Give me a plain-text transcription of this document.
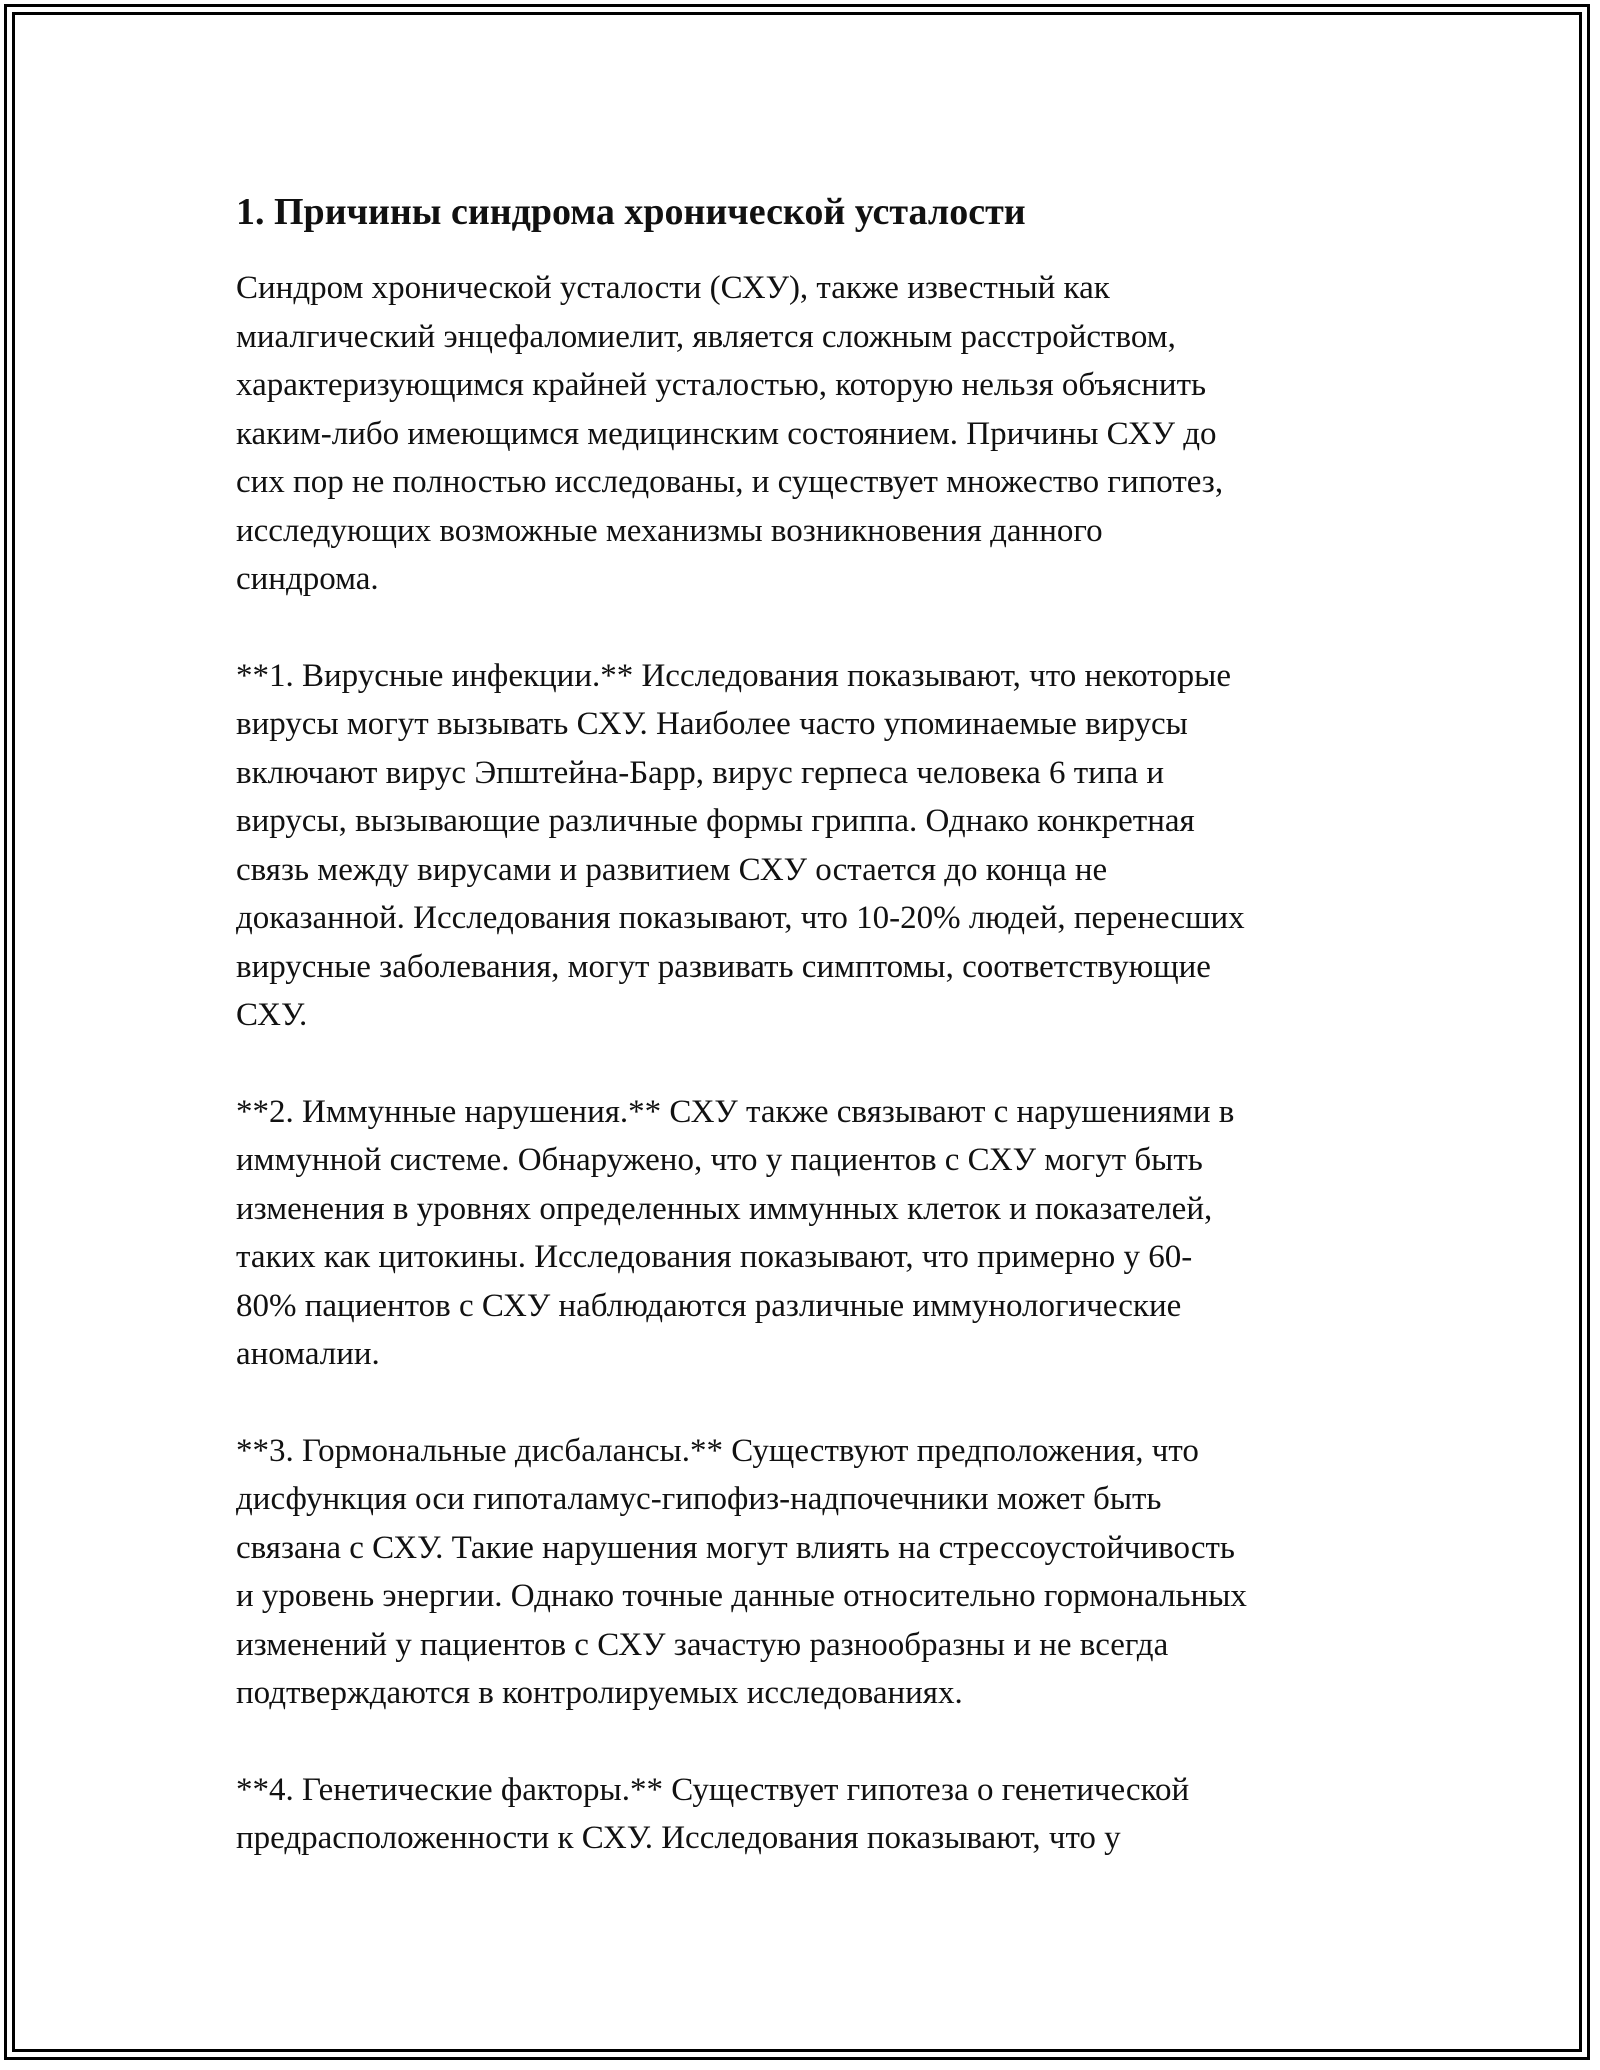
1. Причины синдрома хронической усталости

Синдром хронической усталости (СХУ), также известный как
миалгический энцефаломиелит, является сложным расстройством,
характеризующимся крайней усталостью, которую нельзя объяснить
каким-либо имеющимся медицинским состоянием. Причины СХУ до
сих пор не полностью исследованы, и существует множество гипотез,
исследующих возможные механизмы возникновения данного
синдрома.

**1. Вирусные инфекции.** Исследования показывают, что некоторые
вирусы могут вызывать СХУ. Наиболее часто упоминаемые вирусы
включают вирус Эпштейна-Барр, вирус герпеса человека 6 типа и
вирусы, вызывающие различные формы гриппа. Однако конкретная
связь между вирусами и развитием СХУ остается до конца не
доказанной. Исследования показывают, что 10-20% людей, перенесших
вирусные заболевания, могут развивать симптомы, соответствующие
СХУ.

**2. Иммунные нарушения.** СХУ также связывают с нарушениями в
иммунной системе. Обнаружено, что у пациентов с СХУ могут быть
изменения в уровнях определенных иммунных клеток и показателей,
таких как цитокины. Исследования показывают, что примерно у 60-
80% пациентов с СХУ наблюдаются различные иммунологические
аномалии.

**3. Гормональные дисбалансы.** Существуют предположения, что
дисфункция оси гипоталамус-гипофиз-надпочечники может быть
связана с СХУ. Такие нарушения могут влиять на стрессоустойчивость
и уровень энергии. Однако точные данные относительно гормональных
изменений у пациентов с СХУ зачастую разнообразны и не всегда
подтверждаются в контролируемых исследованиях.

**4. Генетические факторы.** Существует гипотеза о генетической
предрасположенности к СХУ. Исследования показывают, что у
